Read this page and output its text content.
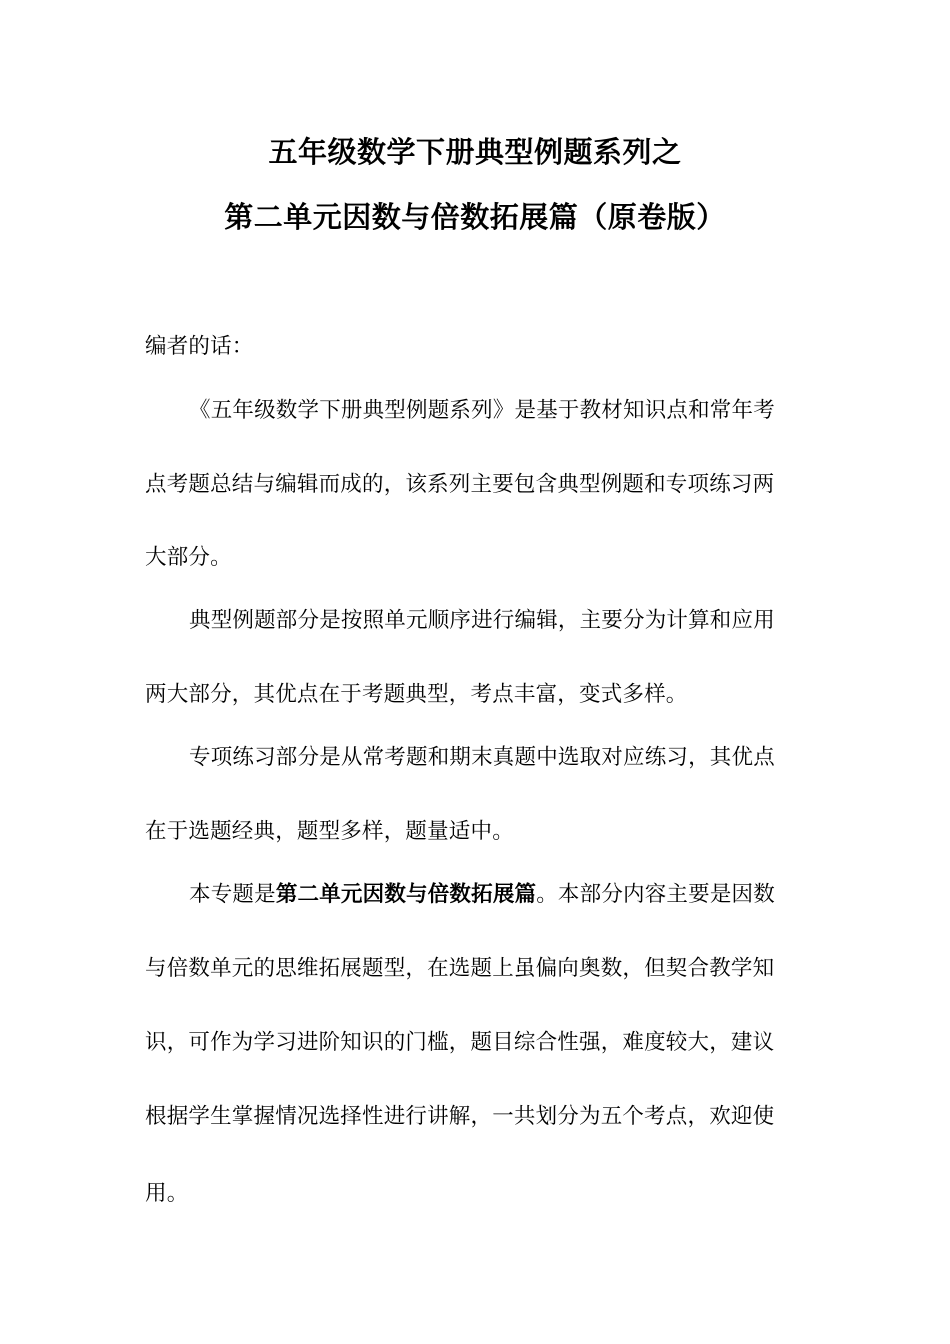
五年级数学下册典型例题系列之
第二单元因数与倍数拓展篇（原卷版）
编者的话：
《五年级数学下册典型例题系列》是基于教材知识点和常年考
点考题总结与编辑而成的，该系列主要包含典型例题和专项练习两
大部分。
典型例题部分是按照单元顺序进行编辑，主要分为计算和应用
两大部分，其优点在于考题典型，考点丰富，变式多样。
专项练习部分是从常考题和期末真题中选取对应练习，其优点
在于选题经典，题型多样，题量适中。
本专题是第二单元因数与倍数拓展篇。本部分内容主要是因数
与倍数单元的思维拓展题型，在选题上虽偏向奥数，但契合教学知
识，可作为学习进阶知识的门槛，题目综合性强，难度较大，建议
根据学生掌握情况选择性进行讲解，一共划分为五个考点，欢迎使
用。
